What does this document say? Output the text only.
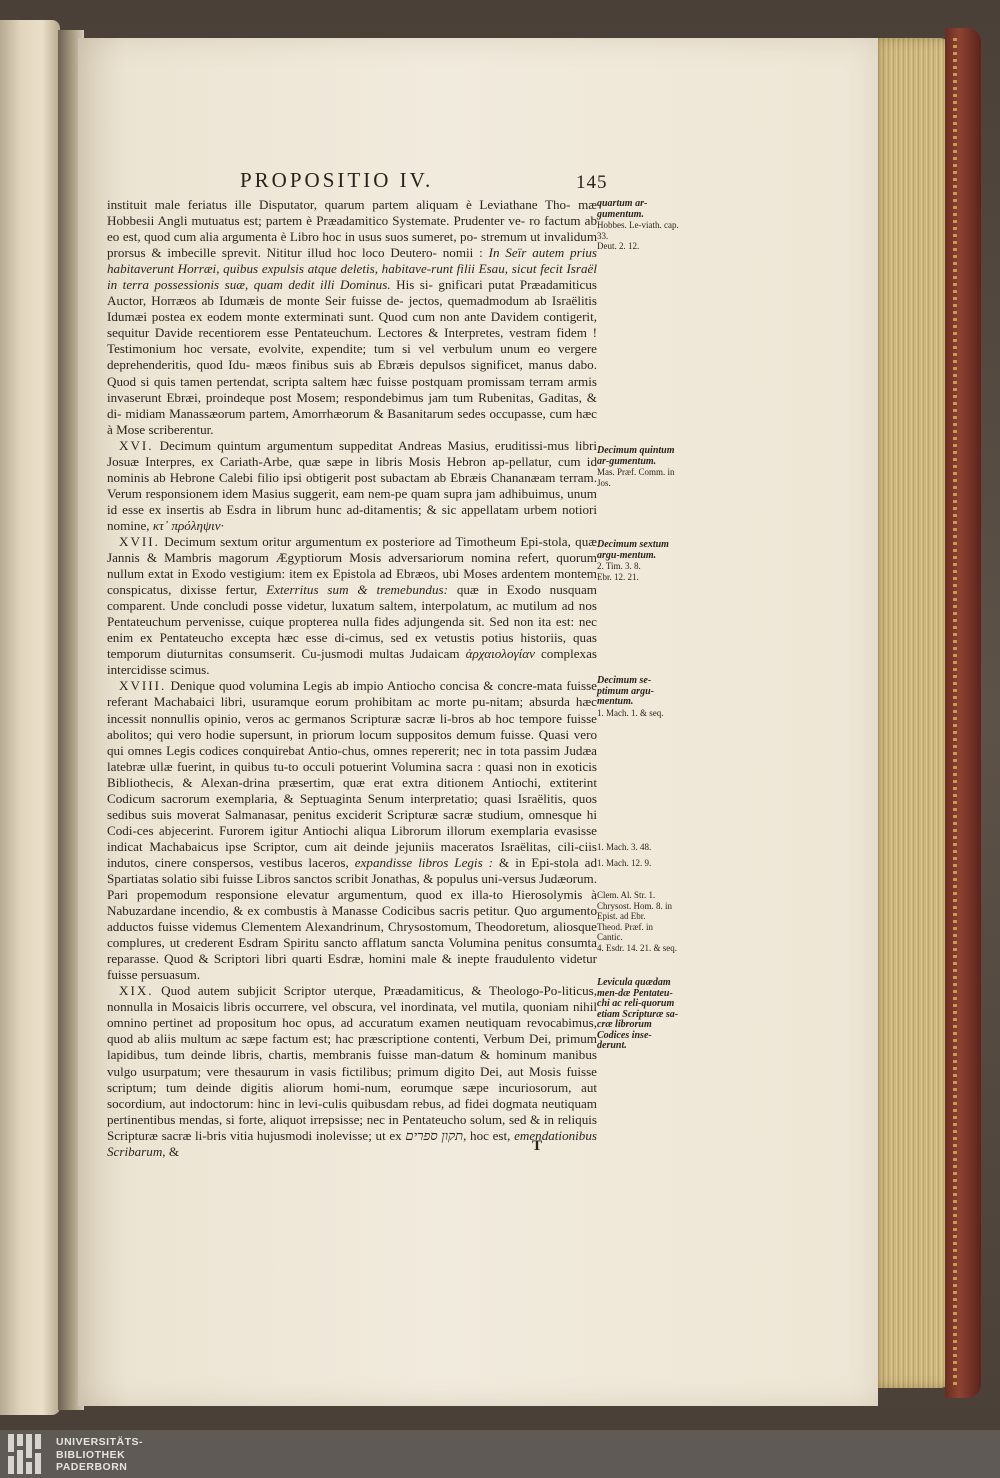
PROPOSITIO IV.	145

instituit male feriatus ille Disputator, quarum partem aliquam è Leviathane Tho- mæ Hobbesii Angli mutuatus est; partem è Præadamitico Systemate. Prudenter ve- ro factum ab eo est, quod cum alia argumenta è Libro hoc in usus suos sumeret, po- stremum ut invalidum prorsus & imbecille sprevit. Nititur illud hoc loco Deutero- nomii : In Seïr autem prius habitaverunt Horræi, quibus expulsis atque deletis, habitave-runt filii Esau, sicut fecit Israël in terra possessionis suæ, quam dedit illi Dominus. His si- gnificari putat Præadamiticus Auctor, Horræos ab Idumæis de monte Seir fuisse de- jectos, quemadmodum ab Israëlitis Idumæi postea ex eodem monte exterminati sunt. Quod cum non ante Davidem contigerit, sequitur Davide recentiorem esse Pentateuchum. Lectores & Interpretes, vestram fidem ! Testimonium hoc versate, evolvite, expendite; tum si vel verbulum unum eo vergere deprehenderitis, quod Idu- mæos finibus suis ab Ebræis depulsos significet, manus dabo. Quod si quis tamen pertendat, scripta saltem hæc fuisse postquam promissam terram armis invaserunt Ebræi, proindeque post Mosem; respondebimus jam tum Rubenitas, Gaditas, & di- midiam Manassæorum partem, Amorrhæorum & Basanitarum sedes occupasse, cum hæc à Mose scriberentur.

XVI. Decimum quintum argumentum suppeditat Andreas Masius, eruditissi-mus libri Josuæ Interpres, ex Cariath-Arbe, quæ sæpe in libris Mosis Hebron ap-pellatur, cum id nominis ab Hebrone Calebi filio ipsi obtigerit post subactam ab Ebræis Chananæam terram. Verum responsionem idem Masius suggerit, eam nem-pe quam supra jam adhibuimus, unum id esse ex insertis ab Esdra in librum hunc ad-ditamentis; & sic appellatam urbem notiori nomine, κτ᾽ πρόληψιν·

XVII. Decimum sextum oritur argumentum ex posteriore ad Timotheum Epi-stola, quæ Jannis & Mambris magorum Ægyptiorum Mosis adversariorum nomina refert, quorum nullum extat in Exodo vestigium: item ex Epistola ad Ebræos, ubi Moses ardentem montem conspicatus, dixisse fertur, Exterritus sum & tremebundus: quæ in Exodo nusquam comparent. Unde concludi posse videtur, luxatum saltem, interpolatum, ac mutilum ad nos Pentateuchum pervenisse, cuique propterea nulla fides adjungenda sit. Sed non ita est: nec enim ex Pentateucho excepta hæc esse di-cimus, sed ex vetustis potius historiis, quas temporum diuturnitas consumserit. Cu-jusmodi multas Judaicam ἀρχαιολογίαν complexas intercidisse scimus.

XVIII. Denique quod volumina Legis ab impio Antiocho concisa & concre-mata fuisse referant Machabaici libri, usuramque eorum prohibitam ac morte pu-nitam; absurda hæc incessit nonnullis opinio, veros ac germanos Scripturæ sacræ li-bros ab hoc tempore fuisse abolitos; qui vero hodie supersunt, in priorum locum suppositos demum fuisse. Quasi vero qui omnes Legis codices conquirebat Antio-chus, omnes repererit; nec in tota passim Judæa latebræ ullæ fuerint, in quibus tu-to occuli potuerint Volumina sacra : quasi non in exoticis Bibliothecis, & Alexan-drina præsertim, quæ erat extra ditionem Antiochi, extiterint Codicum sacrorum exemplaria, & Septuaginta Senum interpretatio; quasi Israëlitis, quos sedibus suis moverat Salmanasar, penitus exciderit Scripturæ sacræ studium, omnesque hi Codi-ces abjecerint. Furorem igitur Antiochi aliqua Librorum illorum exemplaria evasisse indicat Machabaicus ipse Scriptor, cum ait deinde jejuniis maceratos Israëlitas, cili-ciis indutos, cinere conspersos, vestibus laceros, expandisse libros Legis : & in Epi-stola ad Spartiatas solatio sibi fuisse Libros sanctos scribit Jonathas, & populus uni-versus Judæorum. Pari propemodum responsione elevatur argumentum, quod ex illa-to Hierosolymis à Nabuzardane incendio, & ex combustis à Manasse Codicibus sacris petitur. Quo argumento adductos fuisse videmus Clementem Alexandrinum, Chrysostomum, Theodoretum, aliosque complures, ut crederent Esdram Spiritu sancto afflatum sancta Volumina penitus consumta reparasse. Quod & Scriptori libri quarti Esdræ, homini male & inepte fraudulento videtur fuisse persuasum.

XIX. Quod autem subjicit Scriptor uterque, Præadamiticus, & Theologo-Po-liticus, nonnulla in Mosaicis libris occurrere, vel obscura, vel inordinata, vel mutila, quoniam nihil omnino pertinet ad propositum hoc opus, ad accuratum examen neutiquam revocabimus, quod ab aliis multum ac sæpe factum est; hac præscriptione contenti, Verbum Dei, primum lapidibus, tum deinde libris, chartis, membranis fuisse man-datum & hominum manibus vulgo usurpatum; vere thesaurum in vasis fictilibus; primum digito Dei, aut Mosis fuisse scriptum; tum deinde digitis aliorum homi-num, eorumque sæpe incuriosorum, aut socordium, aut indoctorum: hinc in levi-culis quibusdam rebus, ad fidei dogmata neutiquam pertinentibus mendas, si forte, aliquot irrepsisse; nec in Pentateucho solum, sed & in reliquis Scripturæ sacræ li-bris vitia hujusmodi inolevisse; ut ex תקון ספרים, hoc est, emendationibus Scribarum, &

quartum ar-gumentum.
Hobbes. Le-viath. cap. 33.
Deut. 2. 12.
Decimum quintum ar-gumentum.
Mas. Præf. Comm. in Jos.
Decimum sextum argu-mentum.
2. Tim. 3. 8.
Ebr. 12. 21.
Decimum se-ptimum argu-mentum.
1. Mach. 1. & seq.
1. Mach. 3. 48.
1. Mach. 12. 9.
Clem. Al. Str. 1.
Chrysost. Hom. 8. in Epist. ad Ebr.
Theod. Præf. in Cantic.
4. Esdr. 14. 21. & seq.
Levicula quædam men-dæ Pentateu-chi ac reli-quorum etiam Scripturæ sa-cræ librorum Codices inse-derunt.
T
UNIVERSITÄTS-
BIBLIOTHEK
PADERBORN
